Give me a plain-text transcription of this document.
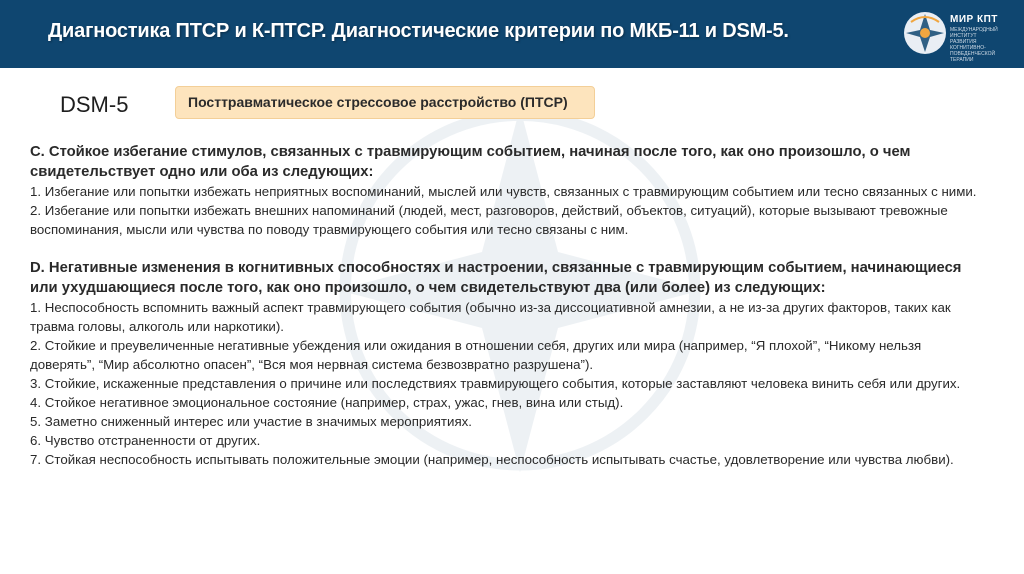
Диагностика ПТСР и К-ПТСР. Диагностические критерии по МКБ-11 и DSM-5.
МИР КПТ
МЕЖДУНАРОДНЫЙ
ИНСТИТУТ
РАЗВИТИЯ
КОГНИТИВНО-
ПОВЕДЕНЧЕСКОЙ
ТЕРАПИИ
DSM-5	Посттравматическое стрессовое расстройство (ПТСР)

C. Стойкое избегание стимулов, связанных с травмирующим событием, начиная после того, как оно произошло, о чем свидетельствует одно или оба из следующих:

1. Избегание или попытки избежать неприятных воспоминаний, мыслей или чувств, связанных с травмирующим событием или тесно связанных с ними.

2. Избегание или попытки избежать внешних напоминаний (людей, мест, разговоров, действий, объектов, ситуаций), которые вызывают тревожные воспоминания, мысли или чувства по поводу травмирующего события или тесно связаны с ним.

D. Негативные изменения в когнитивных способностях и настроении, связанные с травмирующим событием, начинающиеся или ухудшающиеся после того, как оно произошло, о чем свидетельствуют два (или более) из следующих:

1. Неспособность вспомнить важный аспект травмирующего события (обычно из-за диссоциативной амнезии, а не из-за других факторов, таких как травма головы, алкоголь или наркотики).

2. Стойкие и преувеличенные негативные убеждения или ожидания в отношении себя, других или мира (например, “Я плохой”, “Никому нельзя доверять”, “Мир абсолютно опасен”, “Вся моя нервная система безвозвратно разрушена”).

3. Стойкие, искаженные представления о причине или последствиях травмирующего события, которые заставляют человека винить себя или других.

4. Стойкое негативное эмоциональное состояние (например, страх, ужас, гнев, вина или стыд).

5. Заметно сниженный интерес или участие в значимых мероприятиях.

6. Чувство отстраненности от других.

7. Стойкая неспособность испытывать положительные эмоции (например, неспособность испытывать счастье, удовлетворение или чувства любви).
